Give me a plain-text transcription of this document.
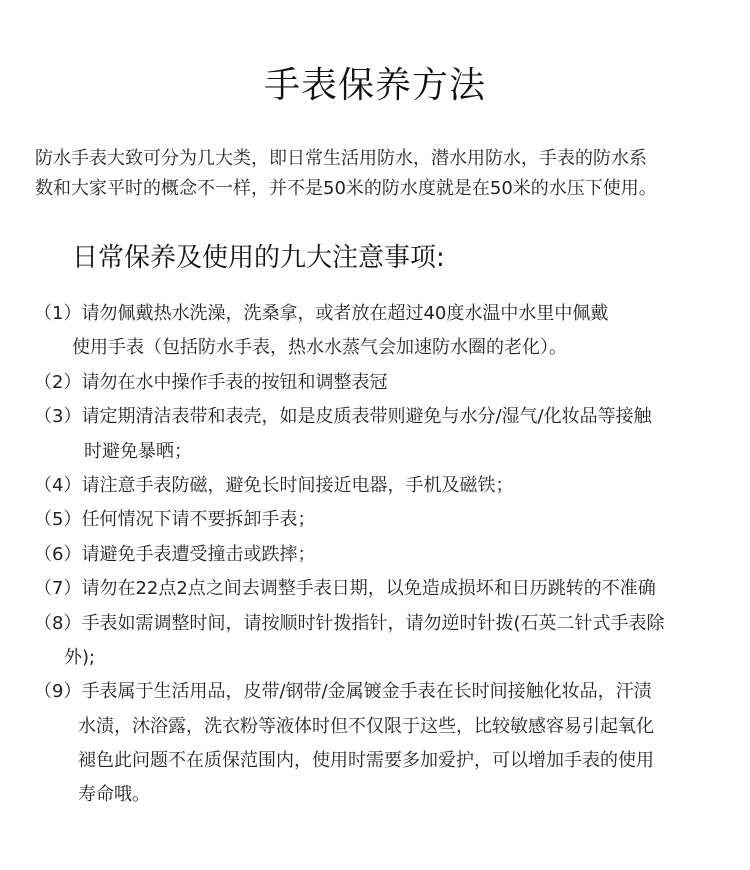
手表保养方法

防水手表大致可分为几大类，即日常生活用防水，潜水用防水，手表的防水系

数和大家平时的概念不一样，并不是50米的防水度就是在50米的水压下使用。

日常保养及使用的九大注意事项:
（1）请勿佩戴热水洗澡，洗桑拿，或者放在超过40度水温中水里中佩戴
使用手表（包括防水手表，热水水蒸气会加速防水圈的老化）。
（2）请勿在水中操作手表的按钮和调整表冠
（3）请定期清洁表带和表壳，如是皮质表带则避免与水分/湿气/化妆品等接触
时避免暴晒；
（4）请注意手表防磁，避免长时间接近电器，手机及磁铁；
（5）任何情况下请不要拆卸手表；
（6）请避免手表遭受撞击或跌摔；
（7）请勿在22点2点之间去调整手表日期，以免造成损坏和日历跳转的不准确
（8）手表如需调整时间，请按顺时针拨指针，请勿逆时针拨(石英二针式手表除
外);
（9）手表属于生活用品，皮带/钢带/金属镀金手表在长时间接触化妆品，汗渍
水渍，沐浴露，洗衣粉等液体时但不仅限于这些，比较敏感容易引起氧化
褪色此问题不在质保范围内，使用时需要多加爱护，可以增加手表的使用
寿命哦。
